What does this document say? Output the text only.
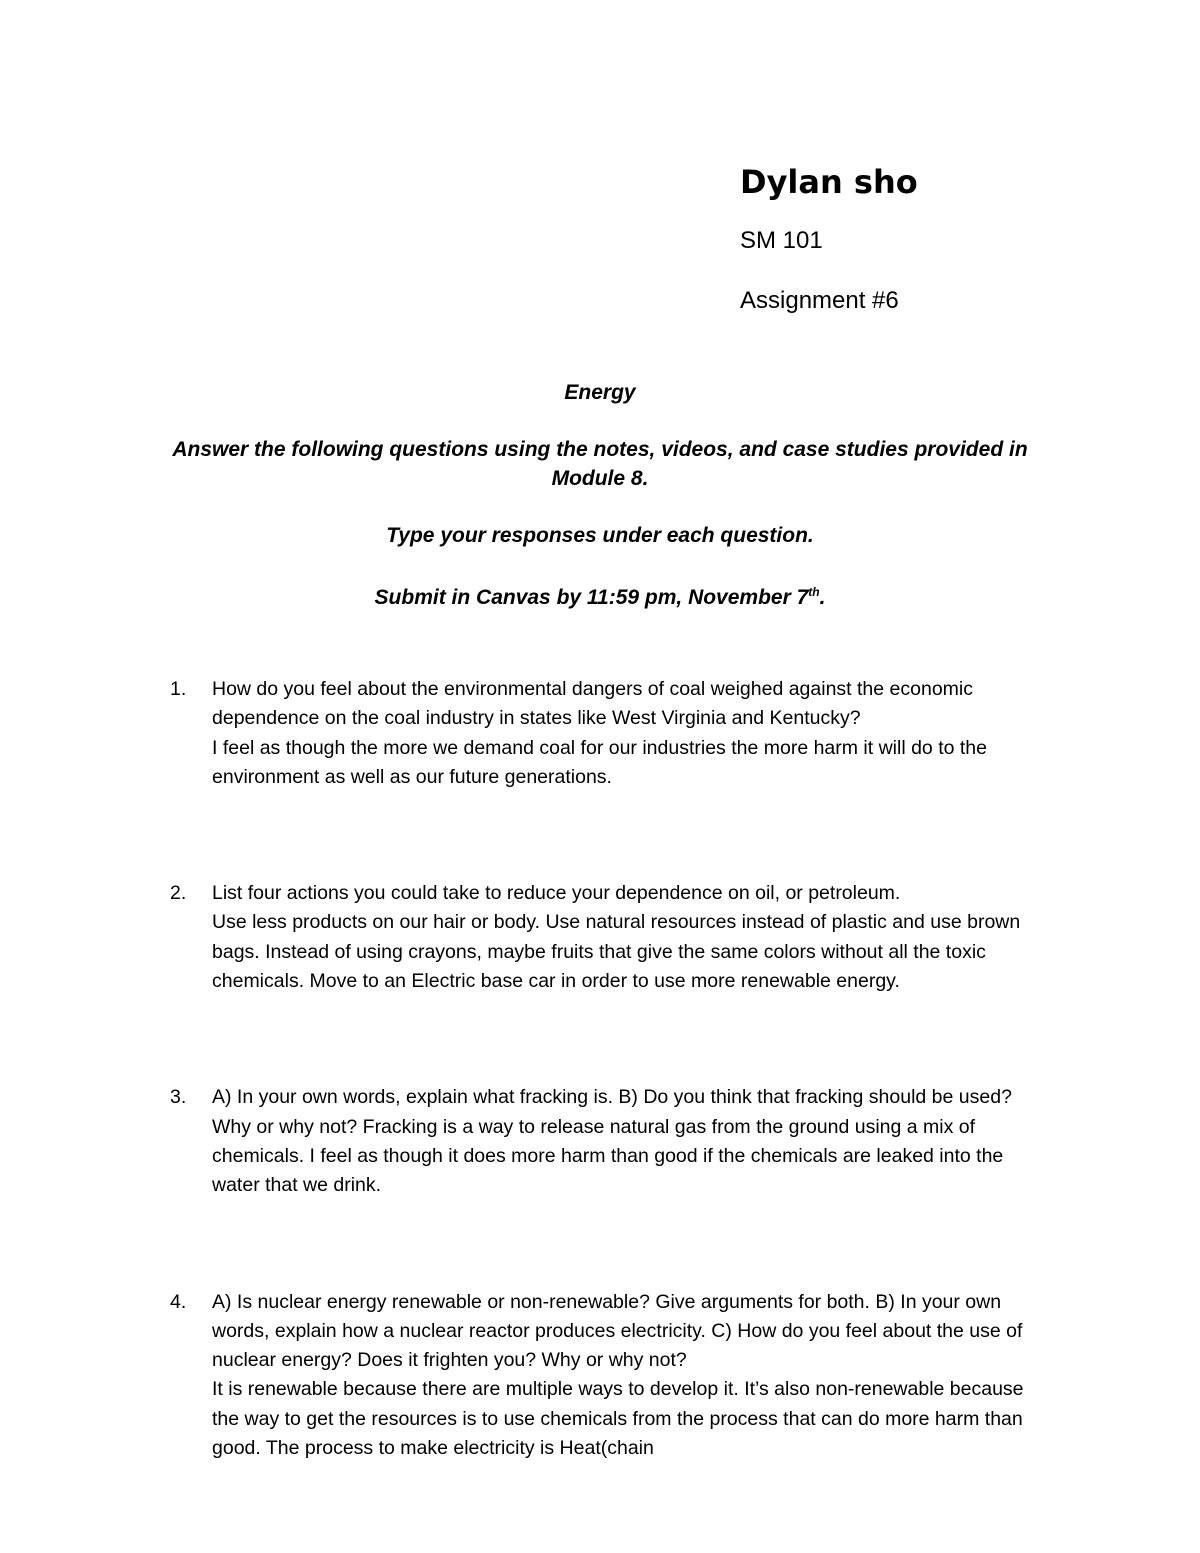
Dylan sho
SM 101
Assignment #6

Energy

Answer the following questions using the notes, videos, and case studies provided in Module 8.

Type your responses under each question.

Submit in Canvas by 11:59 pm, November 7th.

1. How do you feel about the environmental dangers of coal weighed against the economic dependence on the coal industry in states like West Virginia and Kentucky?
I feel as though the more we demand coal for our industries the more harm it will do to the environment as well as our future generations.
2. List four actions you could take to reduce your dependence on oil, or petroleum.
Use less products on our hair or body. Use natural resources instead of plastic and use brown bags. Instead of using crayons, maybe fruits that give the same colors without all the toxic chemicals. Move to an Electric base car in order to use more renewable energy.
3. A) In your own words, explain what fracking is. B) Do you think that fracking should be used? Why or why not? Fracking is a way to release natural gas from the ground using a mix of chemicals. I feel as though it does more harm than good if the chemicals are leaked into the water that we drink.
4. A) Is nuclear energy renewable or non-renewable? Give arguments for both. B) In your own words, explain how a nuclear reactor produces electricity. C) How do you feel about the use of nuclear energy? Does it frighten you? Why or why not?
It is renewable because there are multiple ways to develop it. It’s also non-renewable because the way to get the resources is to use chemicals from the process that can do more harm than good. The process to make electricity is Heat(chain
